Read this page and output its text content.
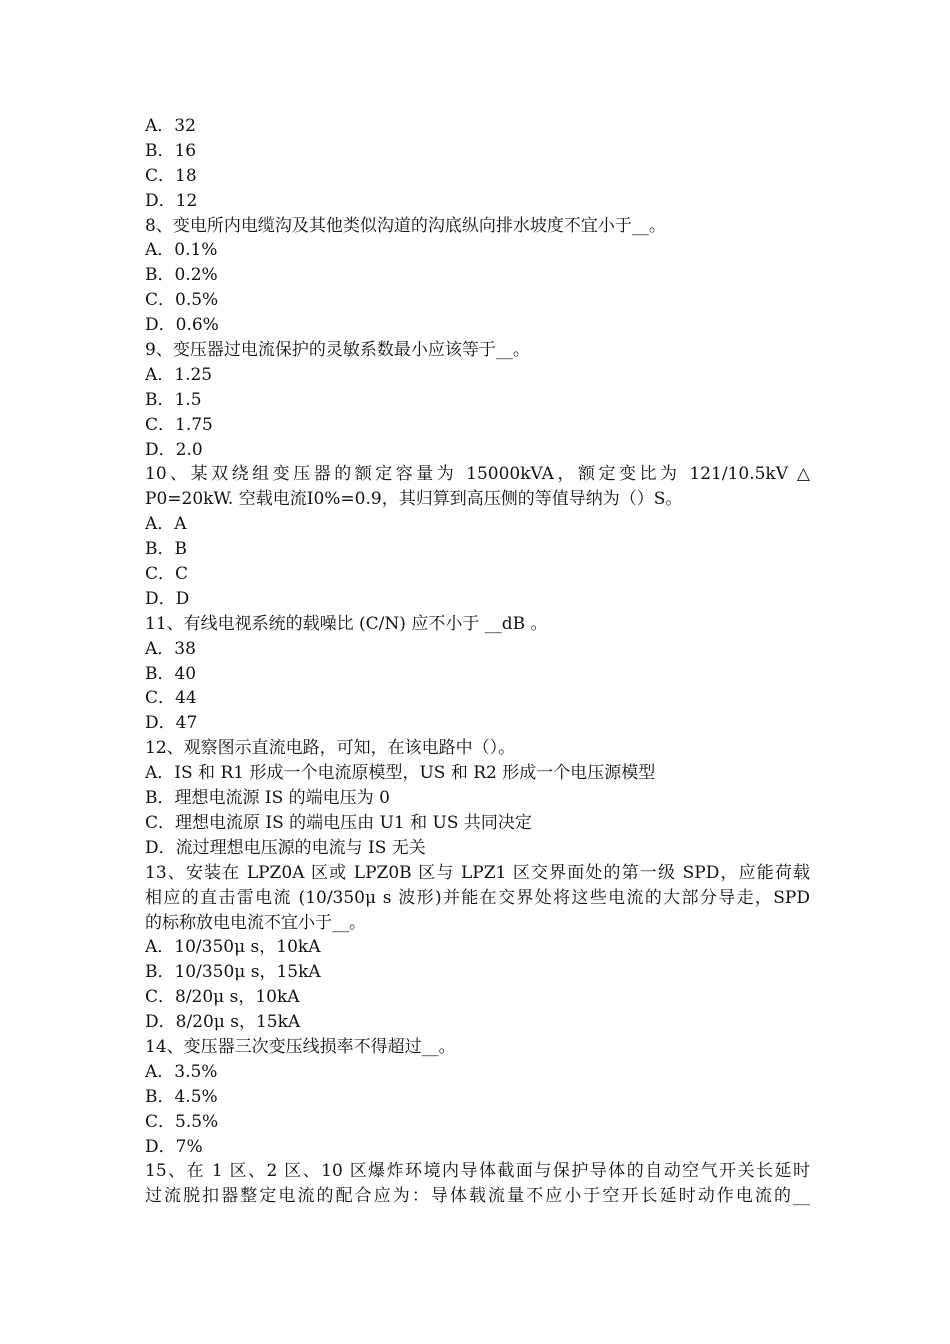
A．32
B．16
C．18
D．12
8、变电所内电缆沟及其他类似沟道的沟底纵向排水坡度不宜小于__。
A．0.1%
B．0.2%
C．0.5%
D．0.6%
9、变压器过电流保护的灵敏系数最小应该等于__。
A．1.25
B．1.5
C．1.75
D．2.0
10、某双绕组变压器的额定容量为 15000kVA，额定变比为 121/10.5kV △
P0=20kW. 空载电流I0%=0.9，其归算到高压侧的等值导纳为（）S。
A．A
B．B
C．C
D．D
11、有线电视系统的载噪比 (C/N) 应不小于 __dB 。
A．38
B．40
C．44
D．47
12、观察图示直流电路，可知，在该电路中（）。
A．IS 和 R1 形成一个电流原模型，US 和 R2 形成一个电压源模型
B．理想电流源 IS 的端电压为 0
C．理想电流原 IS 的端电压由 U1 和 US 共同决定
D．流过理想电压源的电流与 IS 无关
13、安装在 LPZ0A 区或 LPZ0B 区与 LPZ1 区交界面处的第一级 SPD，应能荷载
相应的直击雷电流 (10/350μ s 波形)并能在交界处将这些电流的大部分导走，SPD
的标称放电电流不宜小于__。
A．10/350μ s，10kA
B．10/350μ s，15kA
C．8/20μ s，10kA
D．8/20μ s，15kA
14、变压器三次变压线损率不得超过__。
A．3.5%
B．4.5%
C．5.5%
D．7%
15、在 1 区、2 区、10 区爆炸环境内导体截面与保护导体的自动空气开关长延时
过流脱扣器整定电流的配合应为：导体载流量不应小于空开长延时动作电流的__
